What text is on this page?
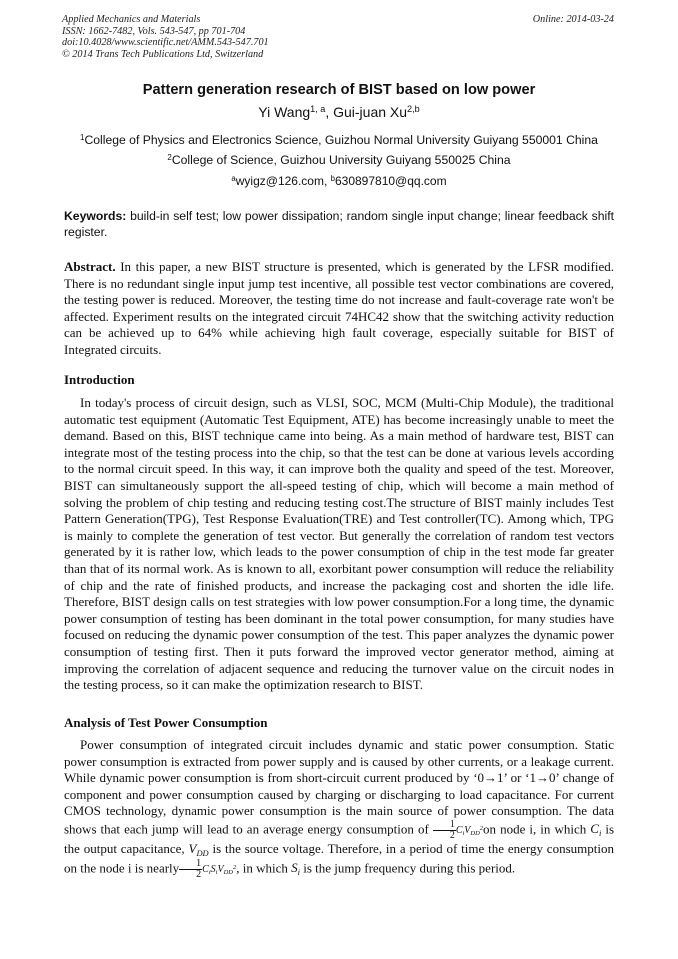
Applied Mechanics and Materials
ISSN: 1662-7482, Vols. 543-547, pp 701-704
doi:10.4028/www.scientific.net/AMM.543-547.701
© 2014 Trans Tech Publications Ltd, Switzerland
Online: 2014-03-24
Pattern generation research of BIST based on low power
Yi Wang$^{1, a}$, Gui-juan Xu$^{2,b}$
$^1$College of Physics and Electronics Science, Guizhou Normal University Guiyang 550001 China
$^2$College of Science, Guizhou University Guiyang 550025 China
$^a$wyigz@126.com, $^b$630897810@qq.com
Keywords: build-in self test; low power dissipation; random single input change; linear feedback shift register.
Abstract. In this paper, a new BIST structure is presented, which is generated by the LFSR modified. There is no redundant single input jump test incentive, all possible test vector combinations are covered, the testing power is reduced. Moreover, the testing time do not increase and fault-coverage rate won't be affected. Experiment results on the integrated circuit 74HC42 show that the switching activity reduction can be achieved up to 64% while achieving high fault coverage, especially suitable for BIST of Integrated circuits.
Introduction
In today's process of circuit design, such as VLSI, SOC, MCM (Multi-Chip Module), the traditional automatic test equipment (Automatic Test Equipment, ATE) has become increasingly unable to meet the demand. Based on this, BIST technique came into being. As a main method of hardware test, BIST can integrate most of the testing process into the chip, so that the test can be done at various levels according to the normal circuit speed. In this way, it can improve both the quality and speed of the test. Moreover, BIST can simultaneously support the all-speed testing of chip, which will become a main method of solving the problem of chip testing and reducing testing cost.The structure of BIST mainly includes Test Pattern Generation(TPG), Test Response Evaluation(TRE) and Test controller(TC). Among which, TPG is mainly to complete the generation of test vector. But generally the correlation of random test vectors generated by it is rather low, which leads to the power consumption of chip in the test mode far greater than that of its normal work. As is known to all, exorbitant power consumption will reduce the reliability of chip and the rate of finished products, and increase the packaging cost and shorten the idle life. Therefore, BIST design calls on test strategies with low power consumption.For a long time, the dynamic power consumption of testing has been dominant in the total power consumption, for many studies have focused on reducing the dynamic power consumption of the test. This paper analyzes the dynamic power consumption of testing first. Then it puts forward the improved vector generator method, aiming at improving the correlation of adjacent sequence and reducing the turnover value on the circuit nodes in the testing process, so it can make the optimization research to BIST.
Analysis of Test Power Consumption
Power consumption of integrated circuit includes dynamic and static power consumption. Static power consumption is extracted from power supply and is caused by other currents, or a leakage current. While dynamic power consumption is from short-circuit current produced by ‘0→1’ or ‘1→0’ change of component and power consumption caused by charging or discharging to load capacitance. For current CMOS technology, dynamic power consumption is the main source of power consumption. The data shows that each jump will lead to an average energy consumption of $\frac{1}{2}$ CiVDD$^2$on node i, in which Ci is the output capacitance, VDD is the source voltage. Therefore, in a period of time the energy consumption on the node i is nearly $\frac{1}{2}$ CiSiVDD$^2$, in which Si is the jump frequency during this period.
